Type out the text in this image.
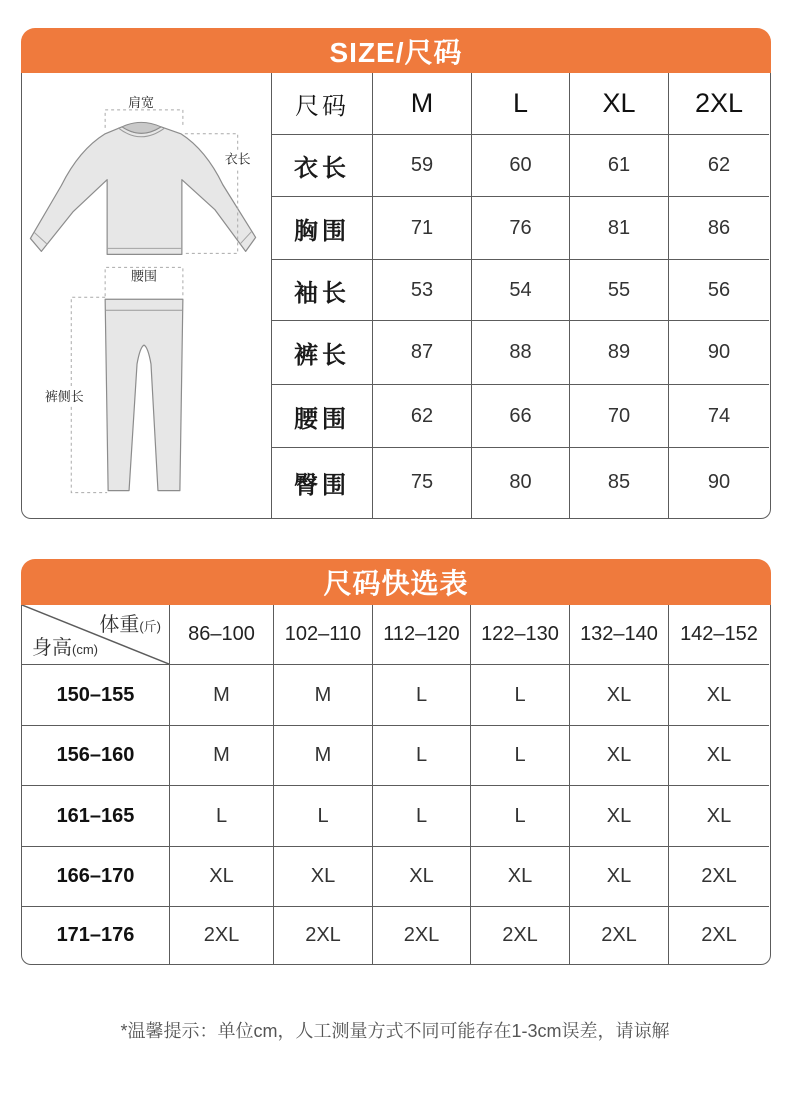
SIZE/尺码
肩宽
衣长
腰围
裤侧长
尺码	M	L	XL	2XL
衣长	59	60	61	62
胸围	71	76	81	86
袖长	53	54	55	56
裤长	87	88	89	90
腰围	62	66	70	74
臀围	75	80	85	90
尺码快选表
体重(斤)
身高(cm)
86–100	102–110	112–120	122–130	132–140	142–152
150–155	M	M	L	L	XL	XL
156–160	M	M	L	L	XL	XL
161–165	L	L	L	L	XL	XL
166–170	XL	XL	XL	XL	XL	2XL
171–176	2XL	2XL	2XL	2XL	2XL	2XL
*温馨提示：单位cm，人工测量方式不同可能存在1-3cm误差，请谅解
